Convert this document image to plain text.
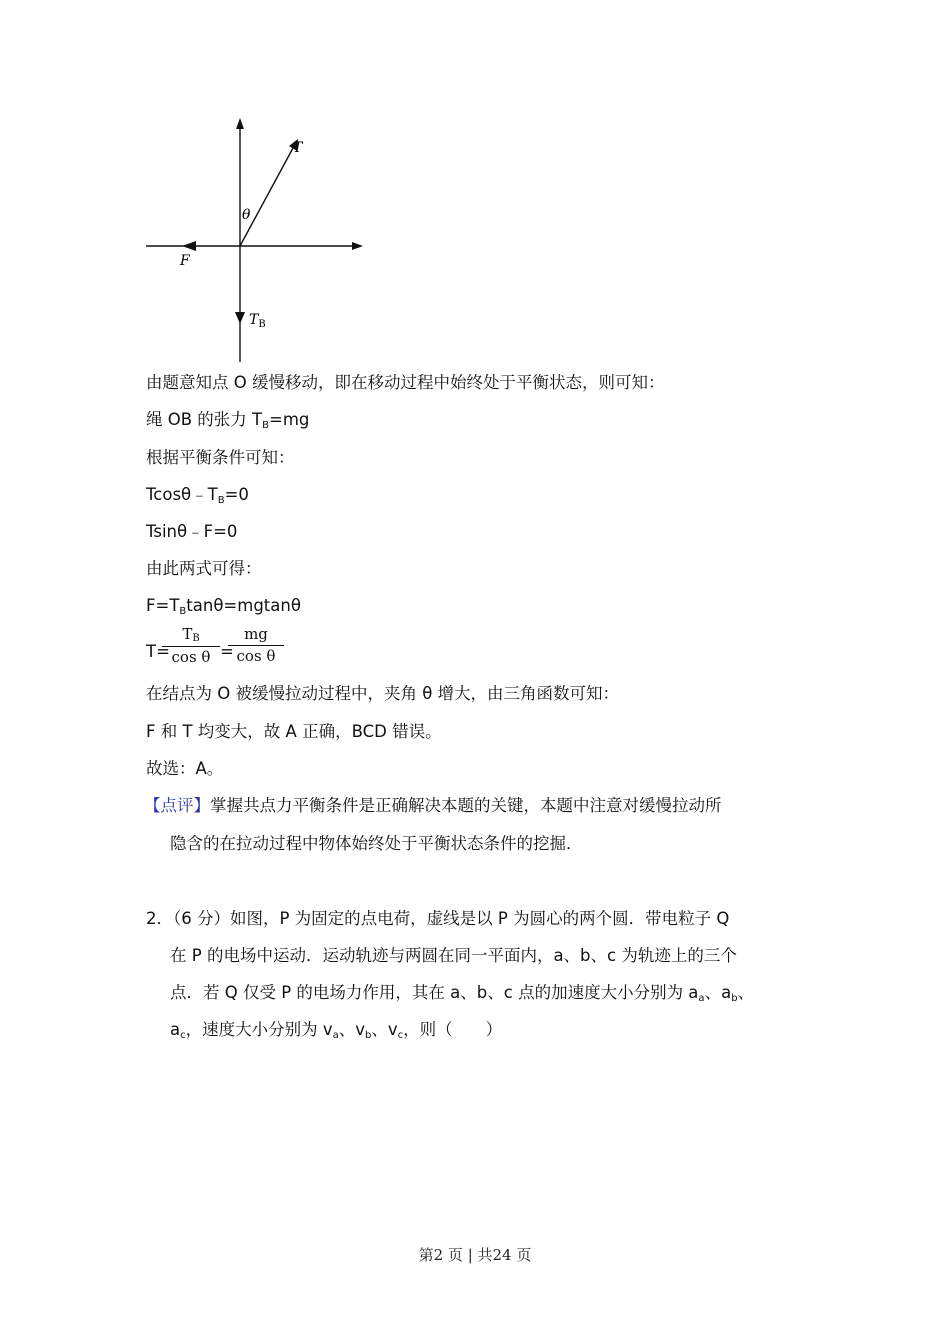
T
θ
F
$T_B$
由题意知点 O 缓慢移动，即在移动过程中始终处于平衡状态，则可知：
绳 OB 的张力 $T_B=mg$
根据平衡条件可知：
$Tcos\theta﹣T_B=0$
Tsinθ﹣F=0
由此两式可得：
$F=T_B\tan\theta=mgtan\theta$
T=
$T_B$
cos θ =
mg
cos θ
在结点为 O 被缓慢拉动过程中，夹角 θ 增大，由三角函数可知：
F 和 T 均变大，故 A 正确，BCD 错误。
故选：A。
【点评】掌握共点力平衡条件是正确解决本题的关键，本题中注意对缓慢拉动所
隐含的在拉动过程中物体始终处于平衡状态条件的挖掘．
2．（6 分）如图，P 为固定的点电荷，虚线是以 P 为圆心的两个圆．带电粒子 Q
在 P 的电场中运动．运动轨迹与两圆在同一平面内，a、b、c 为轨迹上的三个
点．若 Q 仅受 P 的电场力作用，其在 a、b、c 点的加速度大小分别为 $a_a$、$a_b$、
$a_c$，速度大小分别为 $v_a$、$v_b$、$v_c$，则（　　）
第2 页 | 共24 页
